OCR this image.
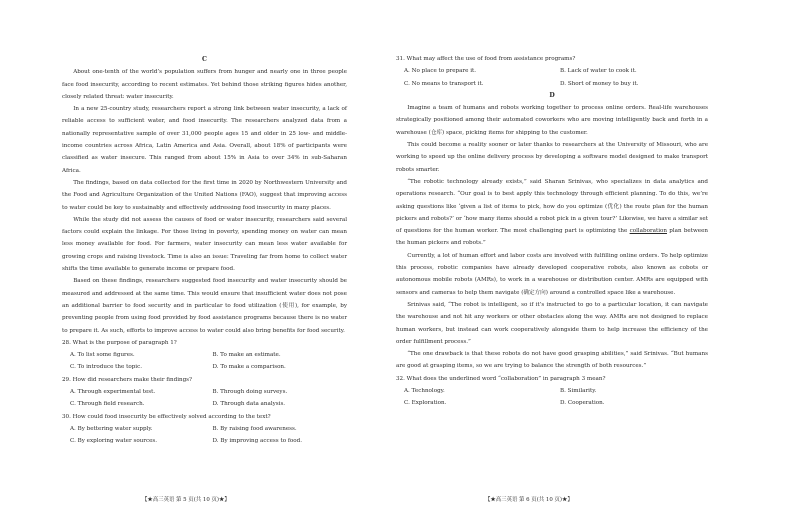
C

About one-tenth of the world’s population suffers from hunger and nearly one in three people face food insecurity, according to recent estimates. Yet behind those striking figures hides another, closely related threat: water insecurity.

In a new 25-country study, researchers report a strong link between water insecurity, a lack of reliable access to sufficient water, and food insecurity. The researchers analyzed data from a nationally representative sample of over 31,000 people ages 15 and older in 25 low- and middle-income countries across Africa, Latin America and Asia. Overall, about 18% of participants were classified as water insecure. This ranged from about 15% in Asia to over 34% in sub-Saharan Africa.

The findings, based on data collected for the first time in 2020 by Northwestern University and the Food and Agriculture Organization of the United Nations (FAO), suggest that improving access to water could be key to sustainably and effectively addressing food insecurity in many places.

While the study did not assess the causes of food or water insecurity, researchers said several factors could explain the linkage. For those living in poverty, spending money on water can mean less money available for food. For farmers, water insecurity can mean less water available for growing crops and raising livestock. Time is also an issue: Traveling far from home to collect water shifts the time available to generate income or prepare food.

Based on these findings, researchers suggested food insecurity and water insecurity should be measured and addressed at the same time. This would ensure that insufficient water does not pose an additional barrier to food security and in particular to food utilization (使用), for example, by preventing people from using food provided by food assistance programs because there is no water to prepare it. As such, efforts to improve access to water could also bring benefits for food security.

28. What is the purpose of paragraph 1?
A. To list some figures.	B. To make an estimate.
C. To introduce the topic.	D. To make a comparison.
29. How did researchers make their findings?
A. Through experimental test.	B. Through doing surveys.
C. Through field research.	D. Through data analysis.
30. How could food insecurity be effectively solved according to the text?
A. By bettering water supply.	B. By raising food awareness.
C. By exploring water sources.	D. By improving access to food.
【★高三英语 第 5 页(共 10 页)★】
31. What may affect the use of food from assistance programs?
A. No place to prepare it.	B. Lack of water to cook it.
C. No means to transport it.	D. Short of money to buy it.
D

Imagine a team of humans and robots working together to process online orders. Real-life warehouses strategically positioned among their automated coworkers who are moving intelligently back and forth in a warehouse (仓库) space, picking items for shipping to the customer.

This could become a reality sooner or later thanks to researchers at the University of Missouri, who are working to speed up the online delivery process by developing a software model designed to make transport robots smarter.

“The robotic technology already exists,” said Sharan Srinivas, who specializes in data analytics and operations research. “Our goal is to best apply this technology through efficient planning. To do this, we’re asking questions like ‘given a list of items to pick, how do you optimize (优化) the route plan for the human pickers and robots?’ or ‘how many items should a robot pick in a given tour?’ Likewise, we have a similar set of questions for the human worker. The most challenging part is optimizing the collaboration plan between the human pickers and robots.”

Currently, a lot of human effort and labor costs are involved with fulfilling online orders. To help optimize this process, robotic companies have already developed cooperative robots, also known as cobots or autonomous mobile robots (AMRs), to work in a warehouse or distribution center. AMRs are equipped with sensors and cameras to help them navigate (确定方向) around a controlled space like a warehouse.

Srinivas said, “The robot is intelligent, so if it’s instructed to go to a particular location, it can navigate the warehouse and not hit any workers or other obstacles along the way. AMRs are not designed to replace human workers, but instead can work cooperatively alongside them to help increase the efficiency of the order fulfillment process.”

“The one drawback is that these robots do not have good grasping abilities,” said Srinivas. “But humans are good at grasping items, so we are trying to balance the strength of both resources.”

32. What does the underlined word “collaboration” in paragraph 3 mean?
A. Technology.	B. Similarity.
C. Exploration.	D. Cooperation.
【★高三英语 第 6 页(共 10 页)★】
